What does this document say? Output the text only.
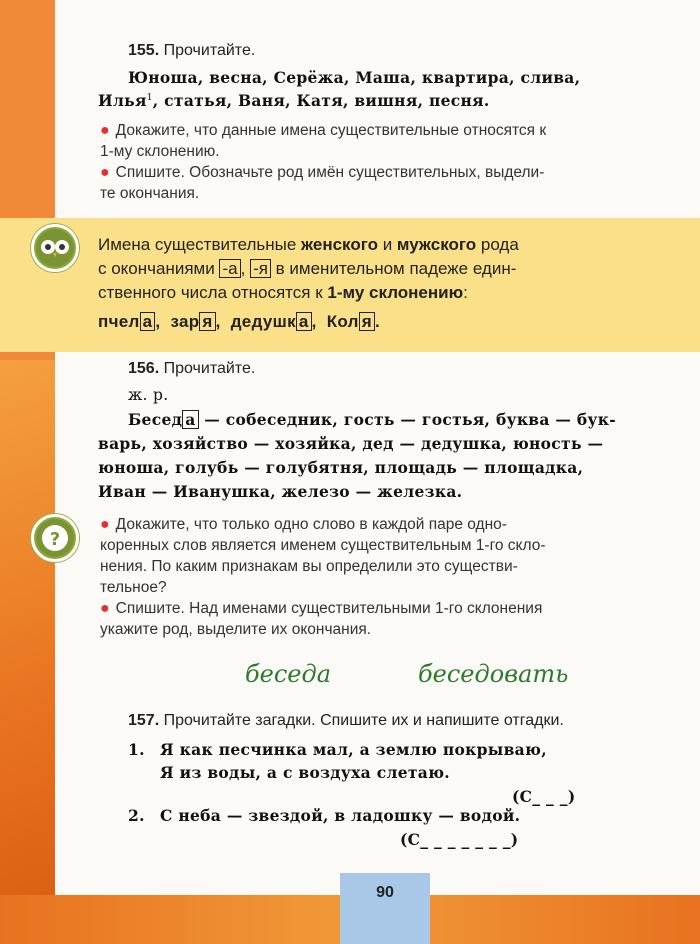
155. Прочитайте.
Юноша, весна, Серёжа, Маша, квартира, слива,
Илья$^1$, статья, Ваня, Катя, вишня, песня.
● Докажите, что данные имена существительные относятся к
1-му склонению.
● Спишите. Обозначьте род имён существительных, выдели-
те окончания.
Имена существительные женского и мужского рода
с окончаниями -а , -я в именительном падеже един-
ственного числа относятся к 1-му склонению:
пчел а , зар я , дедушк а , Кол я .
156. Прочитайте.
ж. р.
Бесед а — собеседник, гость — гостья, буква — бук-
варь, хозяйство — хозяйка, дед — дедушка, юность —
юноша, голубь — голубятня, площадь — площадка,
Иван — Иванушка, железо — железка.
?
● Докажите, что только одно слово в каждой паре одно-
коренных слов является именем существительным 1-го скло-
нения. По каким признакам вы определили это существи-
тельное?
● Спишите. Над именами существительными 1-го склонения
укажите род, выделите их окончания.
беседа	беседовать
157. Прочитайте загадки. Спишите их и напишите отгадки.
1. Я как песчинка мал, а землю покрываю,
Я из воды, а с воздуха слетаю.
(С_ _ _)
2. С неба — звездой, в ладошку — водой.
(С_ _ _ _ _ _ _)
90
